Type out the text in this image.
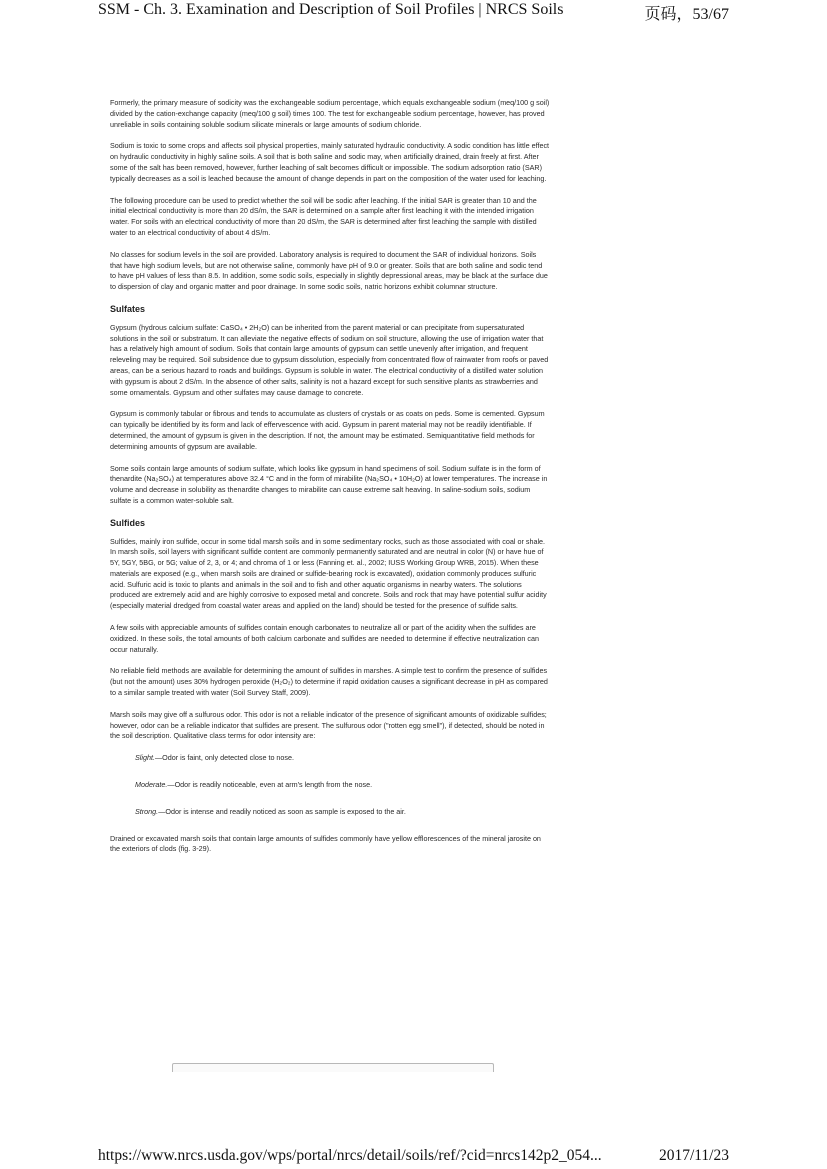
SSM - Ch. 3. Examination and Description of Soil Profiles | NRCS Soils	页码，53/67

Formerly, the primary measure of sodicity was the exchangeable sodium percentage, which equals exchangeable sodium (meq/100 g soil) divided by the cation-exchange capacity (meq/100 g soil) times 100. The test for exchangeable sodium percentage, however, has proved unreliable in soils containing soluble sodium silicate minerals or large amounts of sodium chloride.

Sodium is toxic to some crops and affects soil physical properties, mainly saturated hydraulic conductivity. A sodic condition has little effect on hydraulic conductivity in highly saline soils. A soil that is both saline and sodic may, when artificially drained, drain freely at first. After some of the salt has been removed, however, further leaching of salt becomes difficult or impossible. The sodium adsorption ratio (SAR) typically decreases as a soil is leached because the amount of change depends in part on the composition of the water used for leaching.

The following procedure can be used to predict whether the soil will be sodic after leaching. If the initial SAR is greater than 10 and the initial electrical conductivity is more than 20 dS/m, the SAR is determined on a sample after first leaching it with the intended irrigation water. For soils with an electrical conductivity of more than 20 dS/m, the SAR is determined after first leaching the sample with distilled water to an electrical conductivity of about 4 dS/m.

No classes for sodium levels in the soil are provided. Laboratory analysis is required to document the SAR of individual horizons. Soils that have high sodium levels, but are not otherwise saline, commonly have pH of 9.0 or greater. Soils that are both saline and sodic tend to have pH values of less than 8.5. In addition, some sodic soils, especially in slightly depressional areas, may be black at the surface due to dispersion of clay and organic matter and poor drainage. In some sodic soils, natric horizons exhibit columnar structure.

Sulfates

Gypsum (hydrous calcium sulfate: CaSO₄ • 2H₂O) can be inherited from the parent material or can precipitate from supersaturated solutions in the soil or substratum. It can alleviate the negative effects of sodium on soil structure, allowing the use of irrigation water that has a relatively high amount of sodium. Soils that contain large amounts of gypsum can settle unevenly after irrigation, and frequent releveling may be required. Soil subsidence due to gypsum dissolution, especially from concentrated flow of rainwater from roofs or paved areas, can be a serious hazard to roads and buildings. Gypsum is soluble in water. The electrical conductivity of a distilled water solution with gypsum is about 2 dS/m. In the absence of other salts, salinity is not a hazard except for such sensitive plants as strawberries and some ornamentals. Gypsum and other sulfates may cause damage to concrete.

Gypsum is commonly tabular or fibrous and tends to accumulate as clusters of crystals or as coats on peds. Some is cemented. Gypsum can typically be identified by its form and lack of effervescence with acid. Gypsum in parent material may not be readily identifiable. If determined, the amount of gypsum is given in the description. If not, the amount may be estimated. Semiquantitative field methods for determining amounts of gypsum are available.

Some soils contain large amounts of sodium sulfate, which looks like gypsum in hand specimens of soil. Sodium sulfate is in the form of thenardite (Na₂SO₄) at temperatures above 32.4 °C and in the form of mirabilite (Na₂SO₄ • 10H₂O) at lower temperatures. The increase in volume and decrease in solubility as thenardite changes to mirabilite can cause extreme salt heaving. In saline-sodium soils, sodium sulfate is a common water-soluble salt.

Sulfides

Sulfides, mainly iron sulfide, occur in some tidal marsh soils and in some sedimentary rocks, such as those associated with coal or shale. In marsh soils, soil layers with significant sulfide content are commonly permanently saturated and are neutral in color (N) or have hue of 5Y, 5GY, 5BG, or 5G; value of 2, 3, or 4; and chroma of 1 or less (Fanning et. al., 2002; IUSS Working Group WRB, 2015). When these materials are exposed (e.g., when marsh soils are drained or sulfide-bearing rock is excavated), oxidation commonly produces sulfuric acid. Sulfuric acid is toxic to plants and animals in the soil and to fish and other aquatic organisms in nearby waters. The solutions produced are extremely acid and are highly corrosive to exposed metal and concrete. Soils and rock that may have potential sulfur acidity (especially material dredged from coastal water areas and applied on the land) should be tested for the presence of sulfide salts.

A few soils with appreciable amounts of sulfides contain enough carbonates to neutralize all or part of the acidity when the sulfides are oxidized. In these soils, the total amounts of both calcium carbonate and sulfides are needed to determine if effective neutralization can occur naturally.

No reliable field methods are available for determining the amount of sulfides in marshes. A simple test to confirm the presence of sulfides (but not the amount) uses 30% hydrogen peroxide (H₂O₂) to determine if rapid oxidation causes a significant decrease in pH as compared to a similar sample treated with water (Soil Survey Staff, 2009).

Marsh soils may give off a sulfurous odor. This odor is not a reliable indicator of the presence of significant amounts of oxidizable sulfides; however, odor can be a reliable indicator that sulfides are present. The sulfurous odor ("rotten egg smell"), if detected, should be noted in the soil description. Qualitative class terms for odor intensity are:

Slight.—Odor is faint, only detected close to nose.

Moderate.—Odor is readily noticeable, even at arm's length from the nose.

Strong.—Odor is intense and readily noticed as soon as sample is exposed to the air.

Drained or excavated marsh soils that contain large amounts of sulfides commonly have yellow efflorescences of the mineral jarosite on the exteriors of clods (fig. 3-29).

https://www.nrcs.usda.gov/wps/portal/nrcs/detail/soils/ref/?cid=nrcs142p2_054...	2017/11/23
